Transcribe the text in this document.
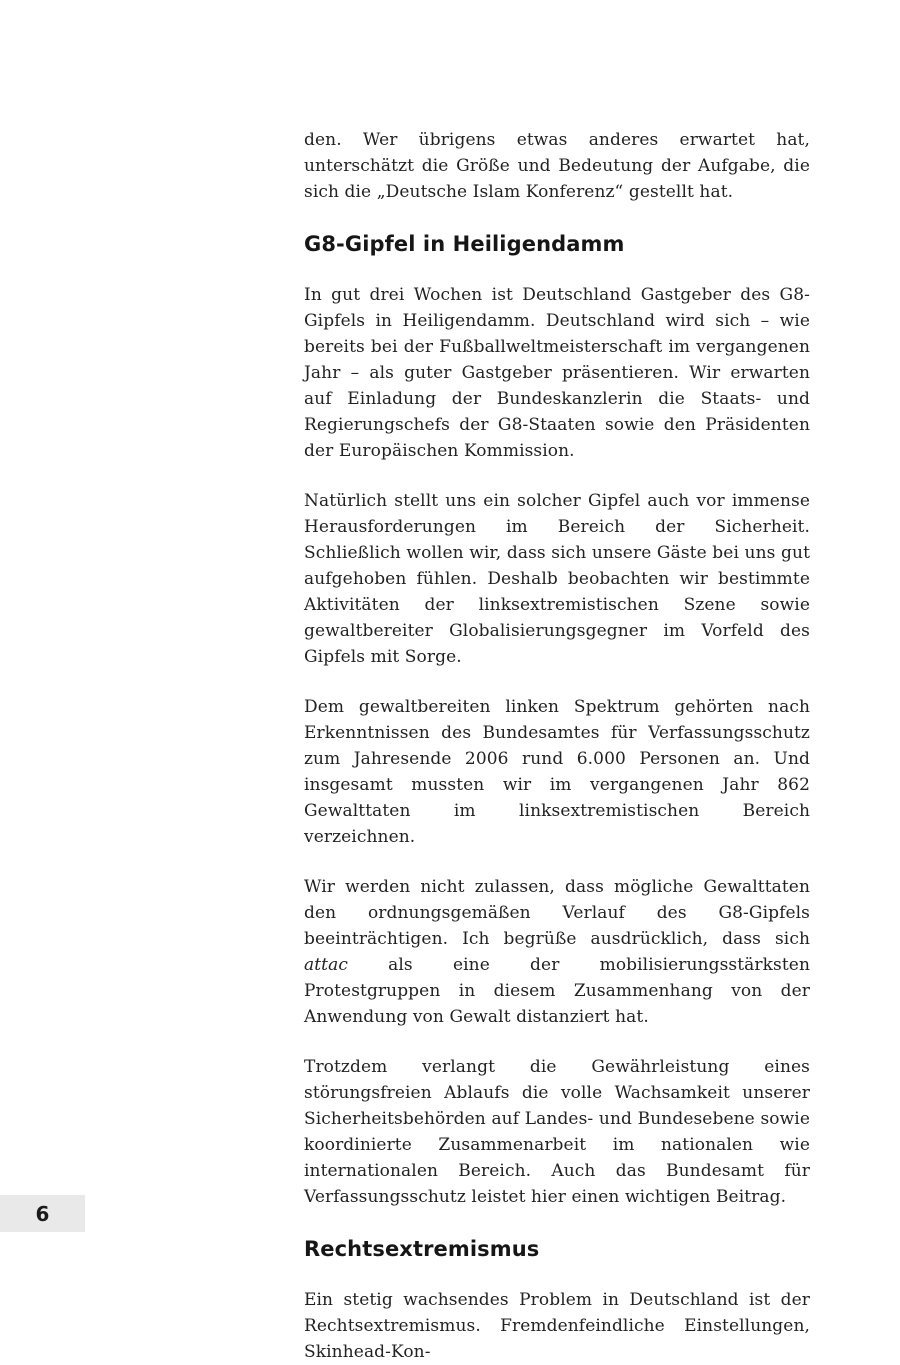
den. Wer übrigens etwas anderes erwartet hat, unterschätzt die Größe und Bedeutung der Aufgabe, die sich die „Deutsche Islam Konferenz“ gestellt hat.

G8-Gipfel in Heiligendamm

In gut drei Wochen ist Deutschland Gastgeber des G8-Gipfels in Heiligendamm. Deutschland wird sich – wie bereits bei der Fußballweltmeisterschaft im vergangenen Jahr – als guter Gastgeber präsentieren. Wir erwarten auf Einladung der Bundeskanzlerin die Staats- und Regierungschefs der G8-Staaten sowie den Präsidenten der Europäischen Kommission.

Natürlich stellt uns ein solcher Gipfel auch vor immense Herausforderungen im Bereich der Sicherheit. Schließlich wollen wir, dass sich unsere Gäste bei uns gut aufgehoben fühlen. Deshalb beobachten wir bestimmte Aktivitäten der linksextremistischen Szene sowie gewaltbereiter Globalisierungsgegner im Vorfeld des Gipfels mit Sorge.

Dem gewaltbereiten linken Spektrum gehörten nach Erkenntnissen des Bundesamtes für Verfassungsschutz zum Jahresende 2006 rund 6.000 Personen an. Und insgesamt mussten wir im vergangenen Jahr 862 Gewalttaten im linksextremistischen Bereich verzeichnen.

Wir werden nicht zulassen, dass mögliche Gewalttaten den ordnungsgemäßen Verlauf des G8-Gipfels beeinträchtigen. Ich begrüße ausdrücklich, dass sich attac als eine der mobilisierungsstärksten Protestgruppen in diesem Zusammenhang von der Anwendung von Gewalt distanziert hat.

Trotzdem verlangt die Gewährleistung eines störungsfreien Ablaufs die volle Wachsamkeit unserer Sicherheitsbehörden auf Landes- und Bundesebene sowie koordinierte Zusammenarbeit im nationalen wie internationalen Bereich. Auch das Bundesamt für Verfassungsschutz leistet hier einen wichtigen Beitrag.

Rechtsextremismus

Ein stetig wachsendes Problem in Deutschland ist der Rechtsextremismus. Fremdenfeindliche Einstellungen, Skinhead-Kon-

6
